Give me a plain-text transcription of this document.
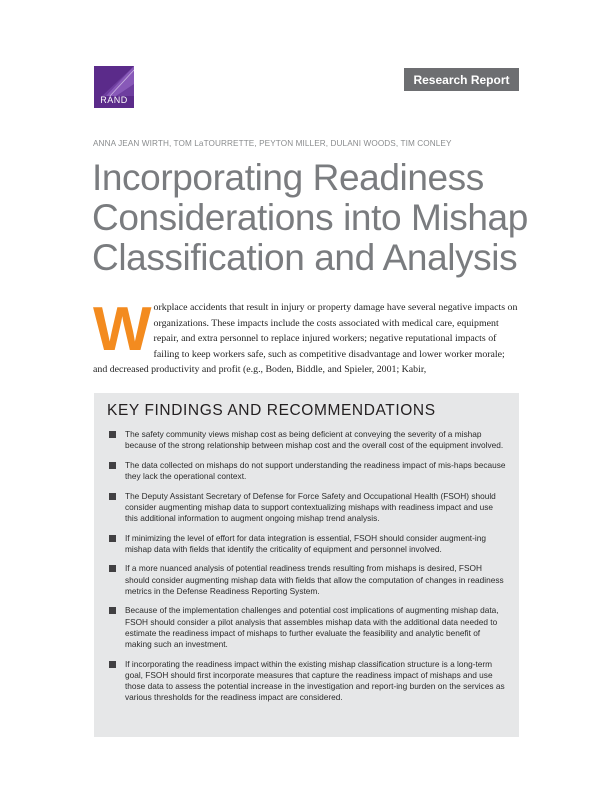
RAND
Research Report
ANNA JEAN WIRTH, TOM LaTOURRETTE, PEYTON MILLER, DULANI WOODS, TIM CONLEY
Incorporating Readiness
Considerations into Mishap
Classification and Analysis
W orkplace accidents that result in injury or property damage have several negative impacts on organizations. These impacts include the costs associated with medical care, equipment repair, and extra personnel to replace injured workers; negative reputational impacts of failing to keep workers safe, such as competitive disadvantage and lower worker morale; and decreased productivity and profit (e.g., Boden, Biddle, and Spieler, 2001; Kabir,

KEY FINDINGS AND RECOMMENDATIONS
The safety community views mishap cost as being deficient at conveying the severity of a mishap because of the strong relationship between mishap cost and the overall cost of the equipment involved.
The data collected on mishaps do not support understanding the readiness impact of mis-haps because they lack the operational context.
The Deputy Assistant Secretary of Defense for Force Safety and Occupational Health (FSOH) should consider augmenting mishap data to support contextualizing mishaps with readiness impact and use this additional information to augment ongoing mishap trend analysis.
If minimizing the level of effort for data integration is essential, FSOH should consider augment-ing mishap data with fields that identify the criticality of equipment and personnel involved.
If a more nuanced analysis of potential readiness trends resulting from mishaps is desired, FSOH should consider augmenting mishap data with fields that allow the computation of changes in readiness metrics in the Defense Readiness Reporting System.
Because of the implementation challenges and potential cost implications of augmenting mishap data, FSOH should consider a pilot analysis that assembles mishap data with the additional data needed to estimate the readiness impact of mishaps to further evaluate the feasibility and analytic benefit of making such an investment.
If incorporating the readiness impact within the existing mishap classification structure is a long-term goal, FSOH should first incorporate measures that capture the readiness impact of mishaps and use those data to assess the potential increase in the investigation and report-ing burden on the services as various thresholds for the readiness impact are considered.
